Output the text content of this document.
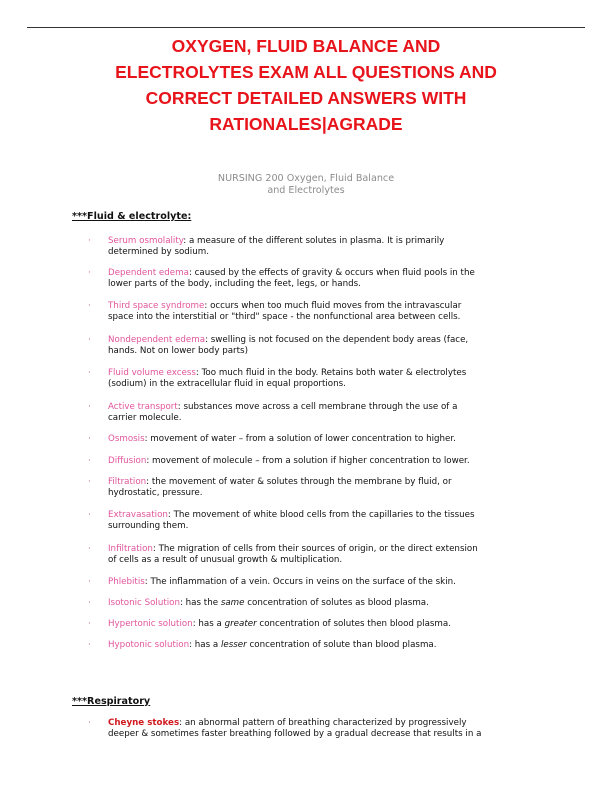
OXYGEN, FLUID BALANCE AND
ELECTROLYTES EXAM ALL QUESTIONS AND
CORRECT DETAILED ANSWERS WITH
RATIONALES|AGRADE
NURSING 200 Oxygen, Fluid Balance
and Electrolytes
***Fluid & electrolyte:
· Serum osmolality: a measure of the different solutes in plasma. It is primarily
determined by sodium.
· Dependent edema: caused by the effects of gravity & occurs when fluid pools in the
lower parts of the body, including the feet, legs, or hands.
· Third space syndrome: occurs when too much fluid moves from the intravascular
space into the interstitial or "third" space - the nonfunctional area between cells.
· Nondependent edema: swelling is not focused on the dependent body areas (face,
hands. Not on lower body parts)
· Fluid volume excess: Too much fluid in the body. Retains both water & electrolytes
(sodium) in the extracellular fluid in equal proportions.
· Active transport: substances move across a cell membrane through the use of a
carrier molecule.
· Osmosis: movement of water – from a solution of lower concentration to higher.
· Diffusion: movement of molecule – from a solution if higher concentration to lower.
· Filtration: the movement of water & solutes through the membrane by fluid, or
hydrostatic, pressure.
· Extravasation: The movement of white blood cells from the capillaries to the tissues
surrounding them.
· Infiltration: The migration of cells from their sources of origin, or the direct extension
of cells as a result of unusual growth & multiplication.
· Phlebitis: The inflammation of a vein. Occurs in veins on the surface of the skin.
· Isotonic Solution: has the same concentration of solutes as blood plasma.
· Hypertonic solution: has a greater concentration of solutes then blood plasma.
· Hypotonic solution: has a lesser concentration of solute than blood plasma.
***Respiratory
· Cheyne stokes: an abnormal pattern of breathing characterized by progressively
deeper & sometimes faster breathing followed by a gradual decrease that results in a
